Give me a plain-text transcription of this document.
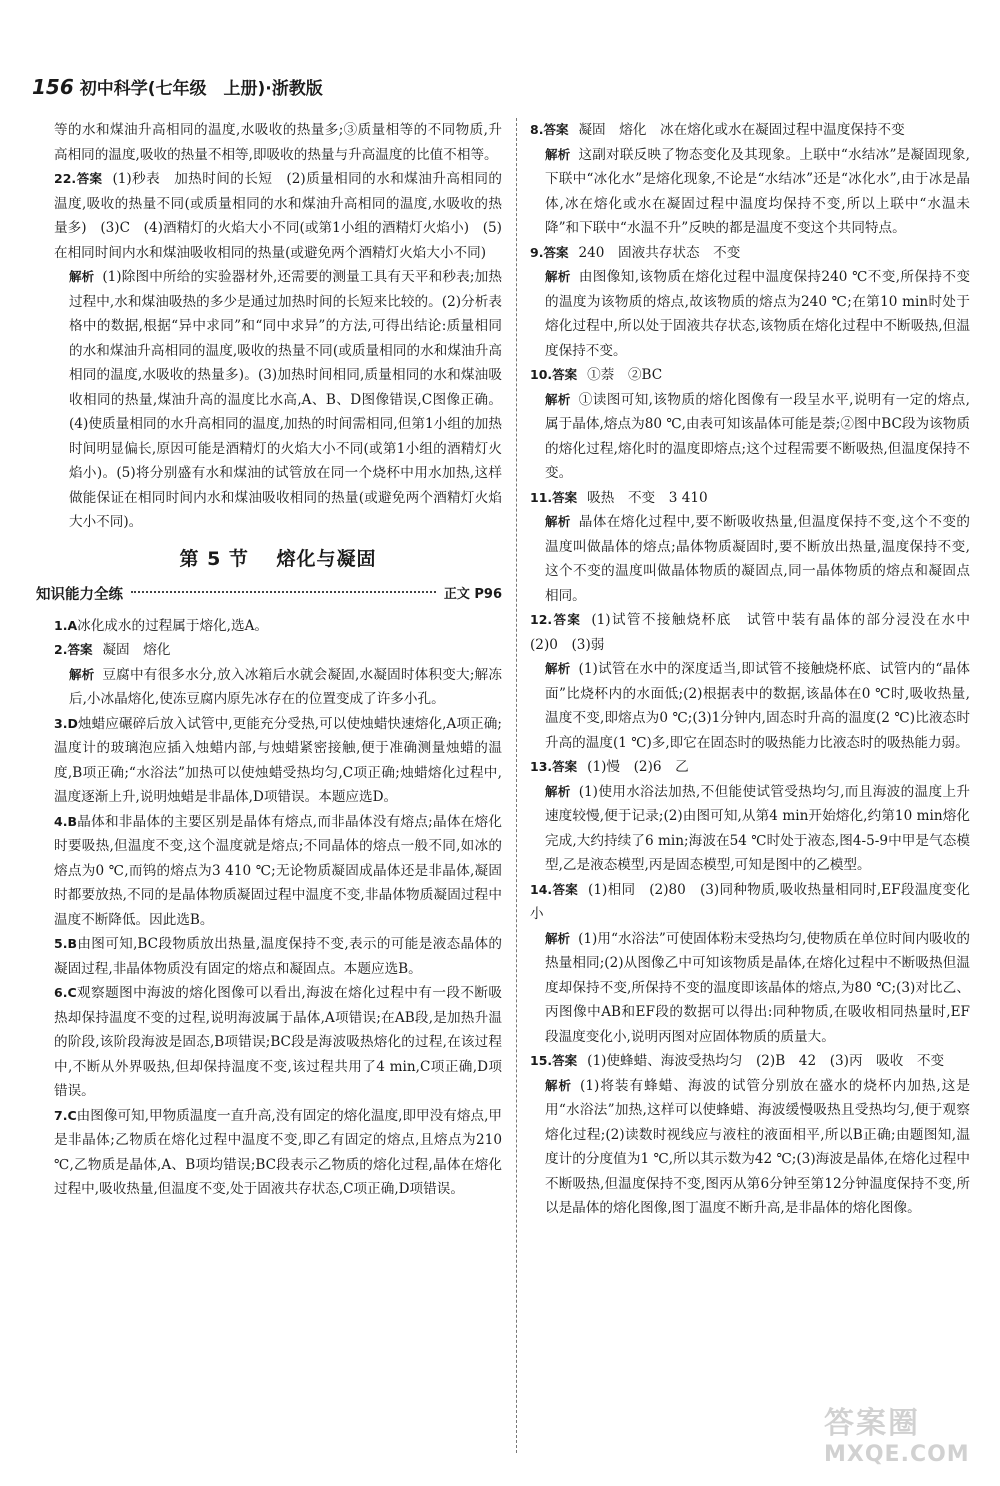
156 初中科学(七年级　上册)·浙教版

等的水和煤油升高相同的温度,水吸收的热量多;③质量相等的不同物质,升高相同的温度,吸收的热量不相等,即吸收的热量与升高温度的比值不相等。

22.答案 (1)秒表　加热时间的长短　(2)质量相同的水和煤油升高相同的温度,吸收的热量不同(或质量相同的水和煤油升高相同的温度,水吸收的热量多)　(3)C　(4)酒精灯的火焰大小不同(或第1小组的酒精灯火焰小)　(5)在相同时间内水和煤油吸收相同的热量(或避免两个酒精灯火焰大小不同)

解析 (1)除图中所给的实验器材外,还需要的测量工具有天平和秒表;加热过程中,水和煤油吸热的多少是通过加热时间的长短来比较的。(2)分析表格中的数据,根据“异中求同”和“同中求异”的方法,可得出结论:质量相同的水和煤油升高相同的温度,吸收的热量不同(或质量相同的水和煤油升高相同的温度,水吸收的热量多)。(3)加热时间相同,质量相同的水和煤油吸收相同的热量,煤油升高的温度比水高,A、B、D图像错误,C图像正确。(4)使质量相同的水升高相同的温度,加热的时间需相同,但第1小组的加热时间明显偏长,原因可能是酒精灯的火焰大小不同(或第1小组的酒精灯火焰小)。(5)将分别盛有水和煤油的试管放在同一个烧杯中用水加热,这样做能保证在相同时间内水和煤油吸收相同的热量(或避免两个酒精灯火焰大小不同)。

第 5 节　 熔化与凝固
知识能力全练	正文 P96

1.A冰化成水的过程属于熔化,选A。

2.答案 凝固　熔化

解析 豆腐中有很多水分,放入冰箱后水就会凝固,水凝固时体积变大;解冻后,小冰晶熔化,使冻豆腐内原先冰存在的位置变成了许多小孔。

3.D烛蜡应碾碎后放入试管中,更能充分受热,可以使烛蜡快速熔化,A项正确;温度计的玻璃泡应插入烛蜡内部,与烛蜡紧密接触,便于准确测量烛蜡的温度,B项正确;“水浴法”加热可以使烛蜡受热均匀,C项正确;烛蜡熔化过程中,温度逐渐上升,说明烛蜡是非晶体,D项错误。本题应选D。

4.B晶体和非晶体的主要区别是晶体有熔点,而非晶体没有熔点;晶体在熔化时要吸热,但温度不变,这个温度就是熔点;不同晶体的熔点一般不同,如冰的熔点为0 ℃,而钨的熔点为3 410 ℃;无论物质凝固成晶体还是非晶体,凝固时都要放热,不同的是晶体物质凝固过程中温度不变,非晶体物质凝固过程中温度不断降低。因此选B。

5.B由图可知,BC段物质放出热量,温度保持不变,表示的可能是液态晶体的凝固过程,非晶体物质没有固定的熔点和凝固点。本题应选B。

6.C观察题图中海波的熔化图像可以看出,海波在熔化过程中有一段不断吸热却保持温度不变的过程,说明海波属于晶体,A项错误;在AB段,是加热升温的阶段,该阶段海波是固态,B项错误;BC段是海波吸热熔化的过程,在该过程中,不断从外界吸热,但却保持温度不变,该过程共用了4 min,C项正确,D项错误。

7.C由图像可知,甲物质温度一直升高,没有固定的熔化温度,即甲没有熔点,甲是非晶体;乙物质在熔化过程中温度不变,即乙有固定的熔点,且熔点为210 ℃,乙物质是晶体,A、B项均错误;BC段表示乙物质的熔化过程,晶体在熔化过程中,吸收热量,但温度不变,处于固液共存状态,C项正确,D项错误。

8.答案 凝固　熔化　冰在熔化或水在凝固过程中温度保持不变

解析 这副对联反映了物态变化及其现象。上联中“水结冰”是凝固现象,下联中“冰化水”是熔化现象,不论是“水结冰”还是“冰化水”,由于冰是晶体,冰在熔化或水在凝固过程中温度均保持不变,所以上联中“水温未降”和下联中“水温不升”反映的都是温度不变这个共同特点。

9.答案 240　固液共存状态　不变

解析 由图像知,该物质在熔化过程中温度保持240 ℃不变,所保持不变的温度为该物质的熔点,故该物质的熔点为240 ℃;在第10 min时处于熔化过程中,所以处于固液共存状态,该物质在熔化过程中不断吸热,但温度保持不变。

10.答案 ①萘　②BC

解析 ①读图可知,该物质的熔化图像有一段呈水平,说明有一定的熔点,属于晶体,熔点为80 ℃,由表可知该晶体可能是萘;②图中BC段为该物质的熔化过程,熔化时的温度即熔点;这个过程需要不断吸热,但温度保持不变。

11.答案 吸热　不变　3 410

解析 晶体在熔化过程中,要不断吸收热量,但温度保持不变,这个不变的温度叫做晶体的熔点;晶体物质凝固时,要不断放出热量,温度保持不变,这个不变的温度叫做晶体物质的凝固点,同一晶体物质的熔点和凝固点相同。

12.答案 (1)试管不接触烧杯底　试管中装有晶体的部分浸没在水中　(2)0　(3)弱

解析 (1)试管在水中的深度适当,即试管不接触烧杯底、试管内的“晶体面”比烧杯内的水面低;(2)根据表中的数据,该晶体在0 ℃时,吸收热量,温度不变,即熔点为0 ℃;(3)1分钟内,固态时升高的温度(2 ℃)比液态时升高的温度(1 ℃)多,即它在固态时的吸热能力比液态时的吸热能力弱。

13.答案 (1)慢　(2)6　乙

解析 (1)使用水浴法加热,不但能使试管受热均匀,而且海波的温度上升速度较慢,便于记录;(2)由图可知,从第4 min开始熔化,约第10 min熔化完成,大约持续了6 min;海波在54 ℃时处于液态,图4-5-9中甲是气态模型,乙是液态模型,丙是固态模型,可知是图中的乙模型。

14.答案 (1)相同　(2)80　(3)同种物质,吸收热量相同时,EF段温度变化小

解析 (1)用“水浴法”可使固体粉末受热均匀,使物质在单位时间内吸收的热量相同;(2)从图像乙中可知该物质是晶体,在熔化过程中不断吸热但温度却保持不变,所保持不变的温度即该晶体的熔点,为80 ℃;(3)对比乙、丙图像中AB和EF段的数据可以得出:同种物质,在吸收相同热量时,EF段温度变化小,说明丙图对应固体物质的质量大。

15.答案 (1)使蜂蜡、海波受热均匀　(2)B　42　(3)丙　吸收　不变

解析 (1)将装有蜂蜡、海波的试管分别放在盛水的烧杯内加热,这是用“水浴法”加热,这样可以使蜂蜡、海波缓慢吸热且受热均匀,便于观察熔化过程;(2)读数时视线应与液柱的液面相平,所以B正确;由题图知,温度计的分度值为1 ℃,所以其示数为42 ℃;(3)海波是晶体,在熔化过程中不断吸热,但温度保持不变,图丙从第6分钟至第12分钟温度保持不变,所以是晶体的熔化图像,图丁温度不断升高,是非晶体的熔化图像。

答案圈
MXQE.COM
